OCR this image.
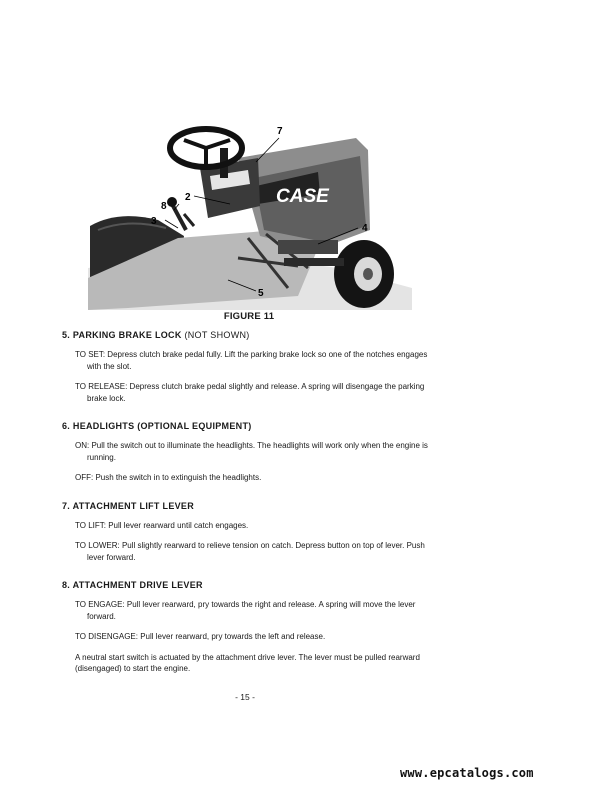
CASE
7
2
8
3
4
5
FIGURE 11
5. PARKING BRAKE LOCK (NOT SHOWN)
TO SET: Depress clutch brake pedal fully. Lift the parking brake lock so one of the notches engages with the slot.
TO RELEASE: Depress clutch brake pedal slightly and release. A spring will disengage the parking brake lock.
6. HEADLIGHTS (OPTIONAL EQUIPMENT)
ON: Pull the switch out to illuminate the headlights. The headlights will work only when the engine is running.
OFF: Push the switch in to extinguish the headlights.
7. ATTACHMENT LIFT LEVER
TO LIFT: Pull lever rearward until catch engages.
TO LOWER: Pull slightly rearward to relieve tension on catch. Depress button on top of lever. Push lever forward.
8. ATTACHMENT DRIVE LEVER
TO ENGAGE: Pull lever rearward, pry towards the right and release. A spring will move the lever forward.
TO DISENGAGE: Pull lever rearward, pry towards the left and release.
A neutral start switch is actuated by the attachment drive lever. The lever must be pulled rearward (disengaged) to start the engine.
- 15 -
www.epcatalogs.com
